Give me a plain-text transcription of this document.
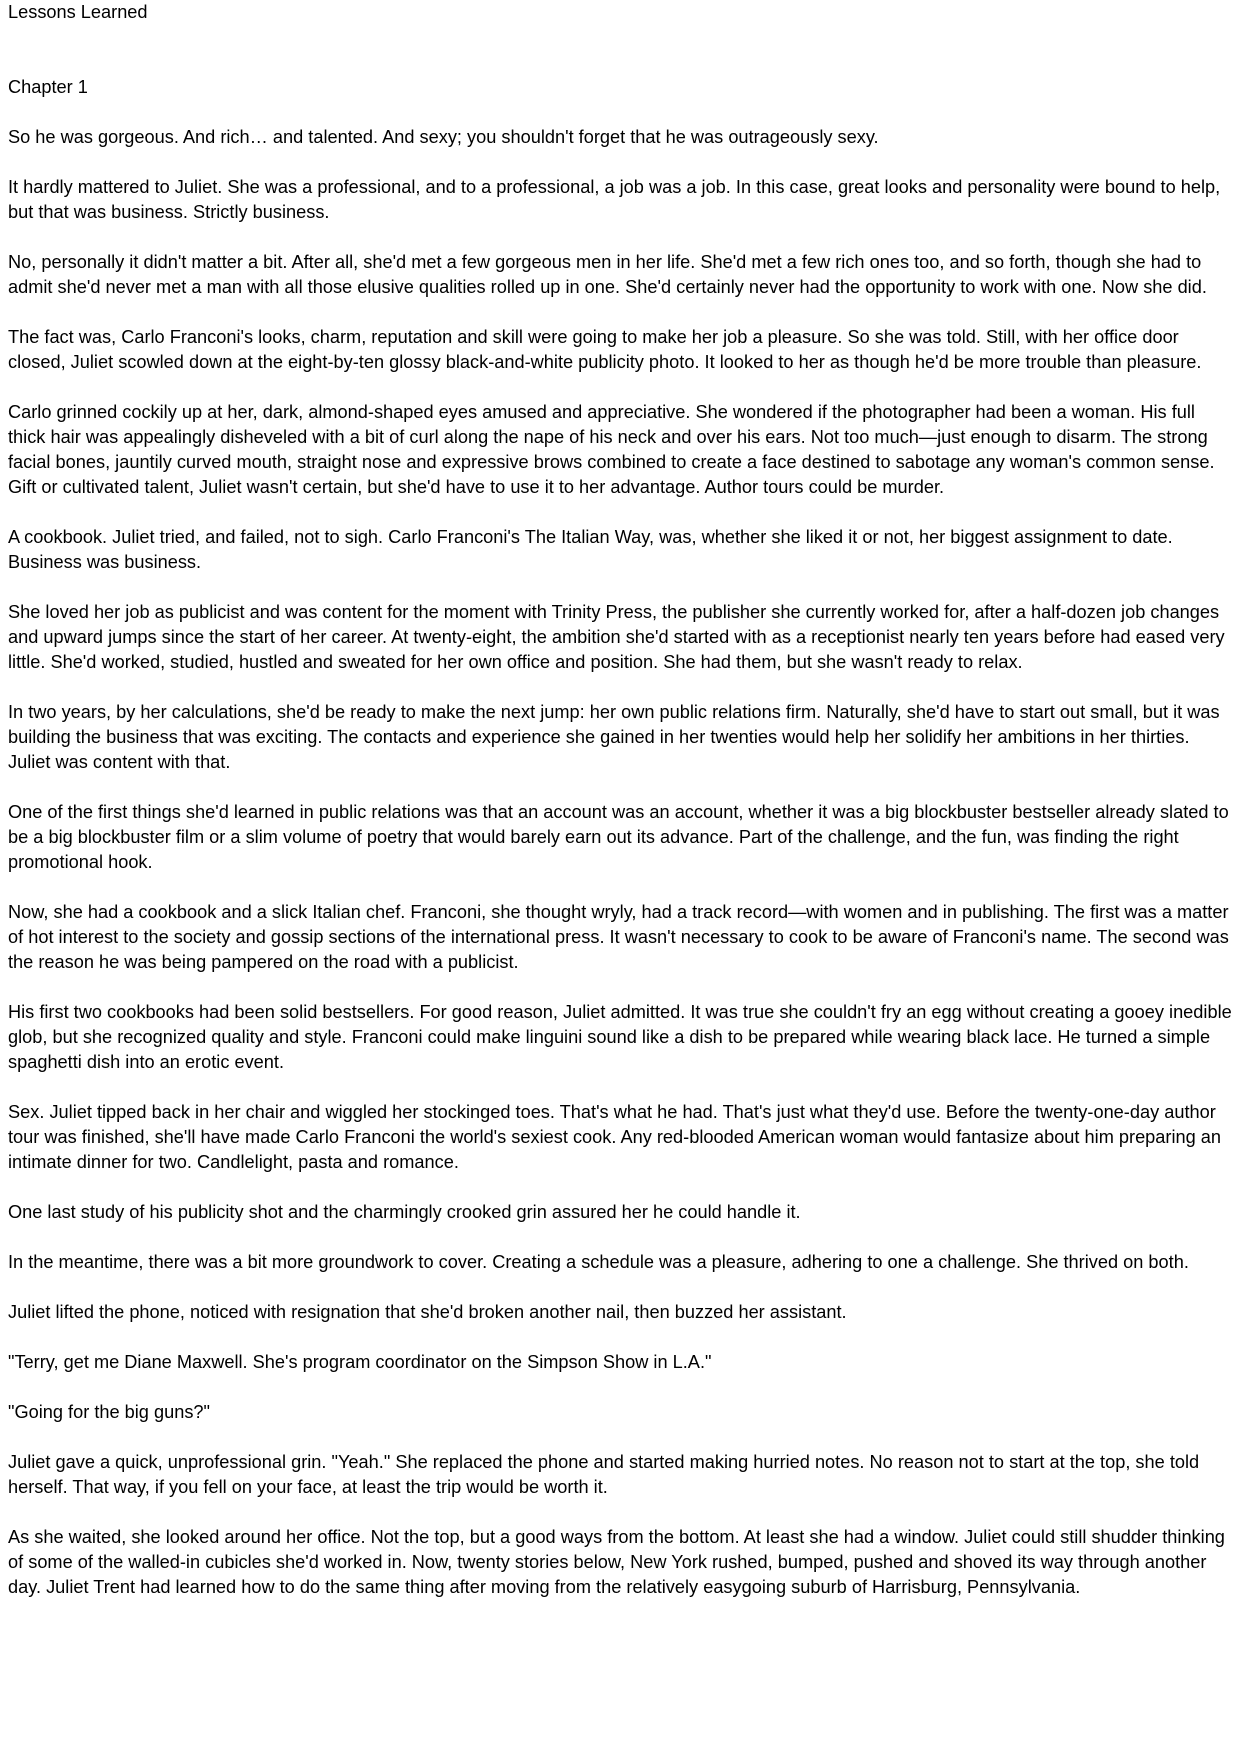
Lessons Learned
Chapter 1

So he was gorgeous. And rich… and talented. And sexy; you shouldn't forget that he was outrageously sexy.

It hardly mattered to Juliet. She was a professional, and to a professional, a job was a job. In this case, great looks and personality were bound to help, but that was business. Strictly business.

No, personally it didn't matter a bit. After all, she'd met a few gorgeous men in her life. She'd met a few rich ones too, and so forth, though she had to admit she'd never met a man with all those elusive qualities rolled up in one. She'd certainly never had the opportunity to work with one. Now she did.

The fact was, Carlo Franconi's looks, charm, reputation and skill were going to make her job a pleasure. So she was told. Still, with her office door closed, Juliet scowled down at the eight-by-ten glossy black-and-white publicity photo. It looked to her as though he'd be more trouble than pleasure.

Carlo grinned cockily up at her, dark, almond-shaped eyes amused and appreciative. She wondered if the photographer had been a woman. His full thick hair was appealingly disheveled with a bit of curl along the nape of his neck and over his ears. Not too much—just enough to disarm. The strong facial bones, jauntily curved mouth, straight nose and expressive brows combined to create a face destined to sabotage any woman's common sense. Gift or cultivated talent, Juliet wasn't certain, but she'd have to use it to her advantage. Author tours could be murder.

A cookbook. Juliet tried, and failed, not to sigh. Carlo Franconi's The Italian Way, was, whether she liked it or not, her biggest assignment to date. Business was business.

She loved her job as publicist and was content for the moment with Trinity Press, the publisher she currently worked for, after a half-dozen job changes and upward jumps since the start of her career. At twenty-eight, the ambition she'd started with as a receptionist nearly ten years before had eased very little. She'd worked, studied, hustled and sweated for her own office and position. She had them, but she wasn't ready to relax.

In two years, by her calculations, she'd be ready to make the next jump: her own public relations firm. Naturally, she'd have to start out small, but it was building the business that was exciting. The contacts and experience she gained in her twenties would help her solidify her ambitions in her thirties. Juliet was content with that.

One of the first things she'd learned in public relations was that an account was an account, whether it was a big blockbuster bestseller already slated to be a big blockbuster film or a slim volume of poetry that would barely earn out its advance. Part of the challenge, and the fun, was finding the right promotional hook.

Now, she had a cookbook and a slick Italian chef. Franconi, she thought wryly, had a track record—with women and in publishing. The first was a matter of hot interest to the society and gossip sections of the international press. It wasn't necessary to cook to be aware of Franconi's name. The second was the reason he was being pampered on the road with a publicist.

His first two cookbooks had been solid bestsellers. For good reason, Juliet admitted. It was true she couldn't fry an egg without creating a gooey inedible glob, but she recognized quality and style. Franconi could make linguini sound like a dish to be prepared while wearing black lace. He turned a simple spaghetti dish into an erotic event.

Sex. Juliet tipped back in her chair and wiggled her stockinged toes. That's what he had. That's just what they'd use. Before the twenty-one-day author tour was finished, she'll have made Carlo Franconi the world's sexiest cook. Any red-blooded American woman would fantasize about him preparing an intimate dinner for two. Candlelight, pasta and romance.

One last study of his publicity shot and the charmingly crooked grin assured her he could handle it.

In the meantime, there was a bit more groundwork to cover. Creating a schedule was a pleasure, adhering to one a challenge. She thrived on both.

Juliet lifted the phone, noticed with resignation that she'd broken another nail, then buzzed her assistant.

"Terry, get me Diane Maxwell. She's program coordinator on the Simpson Show in L.A."

"Going for the big guns?"

Juliet gave a quick, unprofessional grin. "Yeah." She replaced the phone and started making hurried notes. No reason not to start at the top, she told herself. That way, if you fell on your face, at least the trip would be worth it.

As she waited, she looked around her office. Not the top, but a good ways from the bottom. At least she had a window. Juliet could still shudder thinking of some of the walled-in cubicles she'd worked in. Now, twenty stories below, New York rushed, bumped, pushed and shoved its way through another day. Juliet Trent had learned how to do the same thing after moving from the relatively easygoing suburb of Harrisburg, Pennsylvania.
